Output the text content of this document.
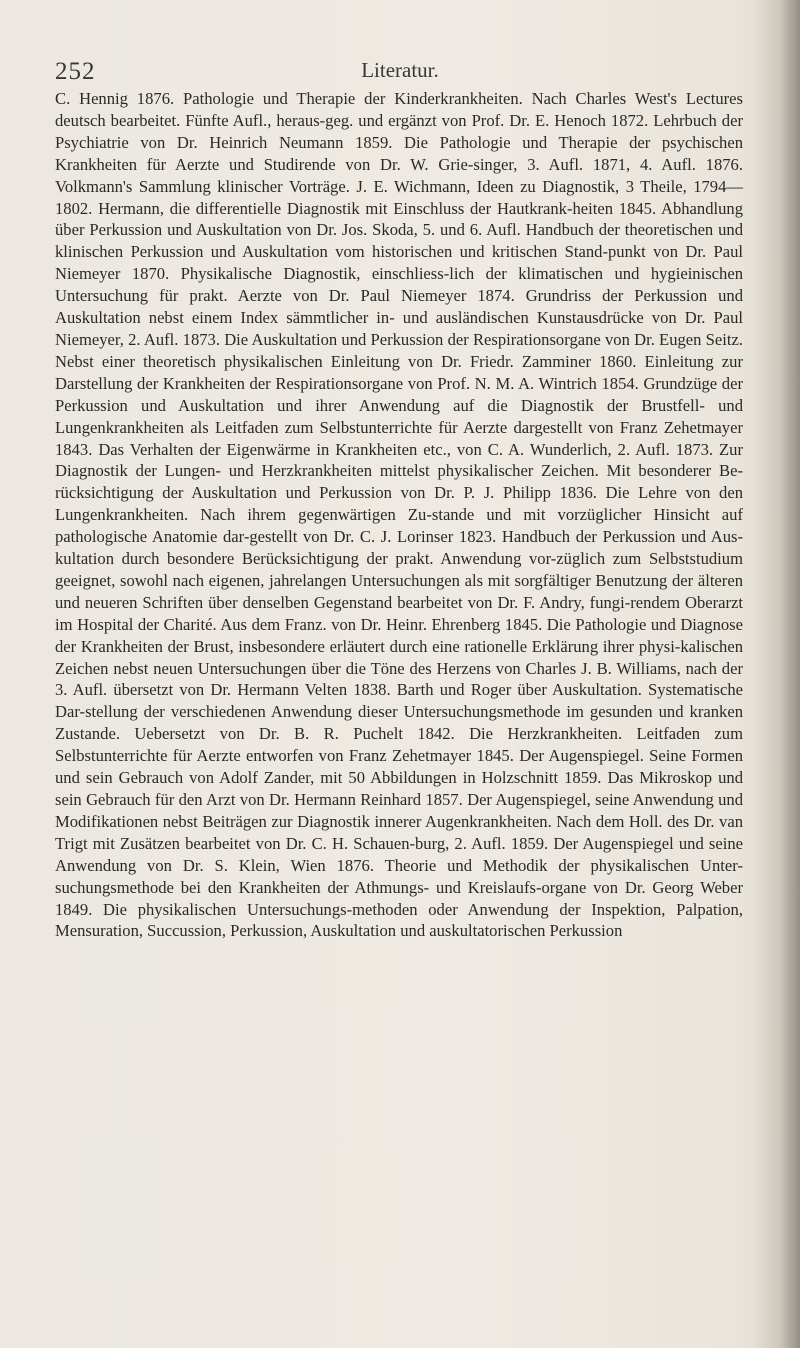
252	Literatur.

C. Hennig 1876. Pathologie und Therapie der Kinderkrankheiten. Nach Charles West's Lectures deutsch bearbeitet. Fünfte Aufl., heraus-geg. und ergänzt von Prof. Dr. E. Henoch 1872. Lehrbuch der Psychiatrie von Dr. Heinrich Neumann 1859. Die Pathologie und Therapie der psychischen Krankheiten für Aerzte und Studirende von Dr. W. Grie-singer, 3. Aufl. 1871, 4. Aufl. 1876. Volkmann's Sammlung klinischer Vorträge. J. E. Wichmann, Ideen zu Diagnostik, 3 Theile, 1794—1802. Hermann, die differentielle Diagnostik mit Einschluss der Hautkrank-heiten 1845. Abhandlung über Perkussion und Auskultation von Dr. Jos. Skoda, 5. und 6. Aufl. Handbuch der theoretischen und klinischen Perkussion und Auskultation vom historischen und kritischen Stand-punkt von Dr. Paul Niemeyer 1870. Physikalische Diagnostik, einschliess-lich der klimatischen und hygieinischen Untersuchung für prakt. Aerzte von Dr. Paul Niemeyer 1874. Grundriss der Perkussion und Auskultation nebst einem Index sämmtlicher in- und ausländischen Kunstausdrücke von Dr. Paul Niemeyer, 2. Aufl. 1873. Die Auskultation und Perkussion der Respirationsorgane von Dr. Eugen Seitz. Nebst einer theoretisch physikalischen Einleitung von Dr. Friedr. Zamminer 1860. Einleitung zur Darstellung der Krankheiten der Respirationsorgane von Prof. N. M. A. Wintrich 1854. Grundzüge der Perkussion und Auskultation und ihrer Anwendung auf die Diagnostik der Brustfell- und Lungenkrankheiten als Leitfaden zum Selbstunterrichte für Aerzte dargestellt von Franz Zehetmayer 1843. Das Verhalten der Eigenwärme in Krankheiten etc., von C. A. Wunderlich, 2. Aufl. 1873. Zur Diagnostik der Lungen- und Herzkrankheiten mittelst physikalischer Zeichen. Mit besonderer Be-rücksichtigung der Auskultation und Perkussion von Dr. P. J. Philipp 1836. Die Lehre von den Lungenkrankheiten. Nach ihrem gegenwärtigen Zu-stande und mit vorzüglicher Hinsicht auf pathologische Anatomie dar-gestellt von Dr. C. J. Lorinser 1823. Handbuch der Perkussion und Aus-kultation durch besondere Berücksichtigung der prakt. Anwendung vor-züglich zum Selbststudium geeignet, sowohl nach eigenen, jahrelangen Untersuchungen als mit sorgfältiger Benutzung der älteren und neueren Schriften über denselben Gegenstand bearbeitet von Dr. F. Andry, fungi-rendem Oberarzt im Hospital der Charité. Aus dem Franz. von Dr. Heinr. Ehrenberg 1845. Die Pathologie und Diagnose der Krankheiten der Brust, insbesondere erläutert durch eine rationelle Erklärung ihrer physi-kalischen Zeichen nebst neuen Untersuchungen über die Töne des Herzens von Charles J. B. Williams, nach der 3. Aufl. übersetzt von Dr. Hermann Velten 1838. Barth und Roger über Auskultation. Systematische Dar-stellung der verschiedenen Anwendung dieser Untersuchungsmethode im gesunden und kranken Zustande. Uebersetzt von Dr. B. R. Puchelt 1842. Die Herzkrankheiten. Leitfaden zum Selbstunterrichte für Aerzte entworfen von Franz Zehetmayer 1845. Der Augenspiegel. Seine Formen und sein Gebrauch von Adolf Zander, mit 50 Abbildungen in Holzschnitt 1859. Das Mikroskop und sein Gebrauch für den Arzt von Dr. Hermann Reinhard 1857. Der Augenspiegel, seine Anwendung und Modifikationen nebst Beiträgen zur Diagnostik innerer Augenkrankheiten. Nach dem Holl. des Dr. van Trigt mit Zusätzen bearbeitet von Dr. C. H. Schauen-burg, 2. Aufl. 1859. Der Augenspiegel und seine Anwendung von Dr. S. Klein, Wien 1876. Theorie und Methodik der physikalischen Unter-suchungsmethode bei den Krankheiten der Athmungs- und Kreislaufs-organe von Dr. Georg Weber 1849. Die physikalischen Untersuchungs-methoden oder Anwendung der Inspektion, Palpation, Mensuration, Succussion, Perkussion, Auskultation und auskultatorischen Perkussion
